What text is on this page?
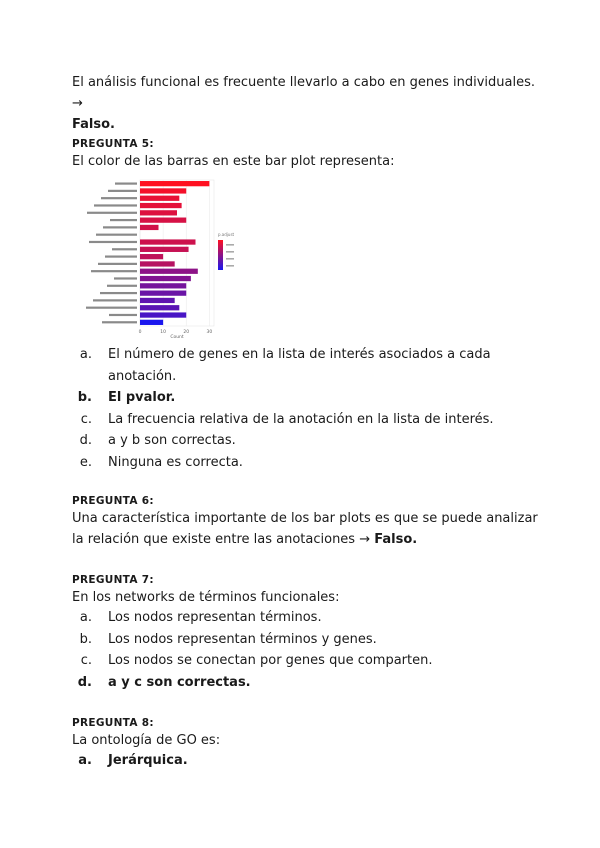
El análisis funcional es frecuente llevarlo a cabo en genes individuales. →
Falso.

PREGUNTA 5:

El color de las barras en este bar plot representa:

0	10	20	30
Count
p.adjust
a. El número de genes en la lista de interés asociados a cada anotación.
b. El pvalor.
c. La frecuencia relativa de la anotación en la lista de interés.
d. a y b son correctas.
e. Ninguna es correcta.

PREGUNTA 6:

Una característica importante de los bar plots es que se puede analizar la relación que existe entre las anotaciones → Falso.

PREGUNTA 7:

En los networks de términos funcionales:

a. Los nodos representan términos.
b. Los nodos representan términos y genes.
c. Los nodos se conectan por genes que comparten.
d. a y c son correctas.

PREGUNTA 8:

La ontología de GO es:

a. Jerárquica.
